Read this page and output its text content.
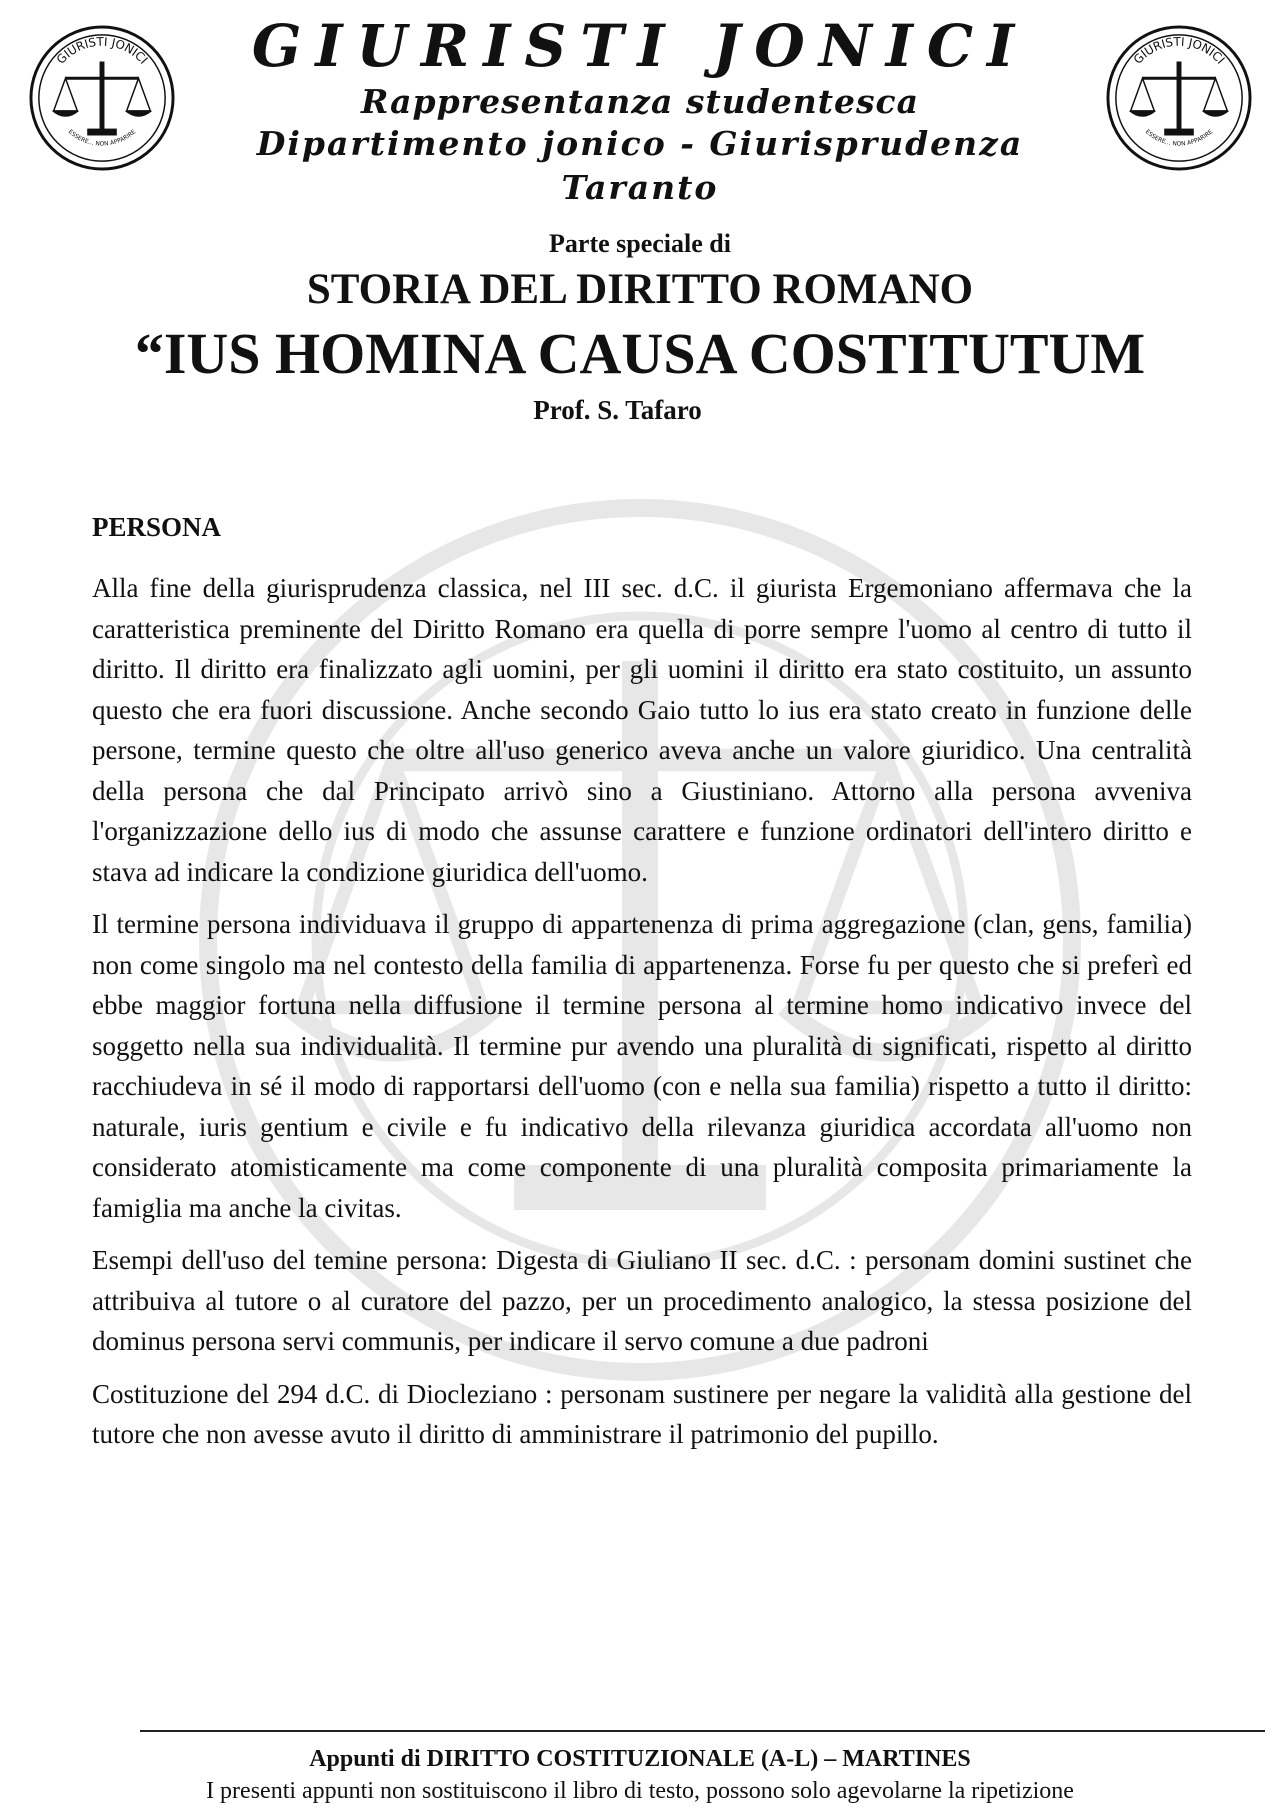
GIURISTI JONICI
ESSERE... NON APPARIRE
GIURISTI JONICI
Rappresentanza studentesca
Dipartimento jonico - Giurisprudenza Taranto
GIURISTI JONICI
ESSERE... NON APPARIRE
Parte speciale di
STORIA DEL DIRITTO ROMANO
“IUS HOMINA CAUSA COSTITUTUM
Prof. S. Tafaro
PERSONA

Alla fine della giurisprudenza classica, nel III sec. d.C. il giurista Ergemoniano affermava che la caratteristica preminente del Diritto Romano era quella di porre sempre l'uomo al centro di tutto il diritto. Il diritto era finalizzato agli uomini, per gli uomini il diritto era stato costituito, un assunto questo che era fuori discussione. Anche secondo Gaio tutto lo ius era stato creato in funzione delle persone, termine questo che oltre all'uso generico aveva anche un valore giuridico. Una centralità della persona che dal Principato arrivò sino a Giustiniano. Attorno alla persona avveniva l'organizzazione dello ius di modo che assunse carattere e funzione ordinatori dell'intero diritto e stava ad indicare la condizione giuridica dell'uomo.

Il termine persona individuava il gruppo di appartenenza di prima aggregazione (clan, gens, familia) non come singolo ma nel contesto della familia di appartenenza. Forse fu per questo che si preferì ed ebbe maggior fortuna nella diffusione il termine persona al termine homo indicativo invece del soggetto nella sua individualità. Il termine pur avendo una pluralità di significati, rispetto al diritto racchiudeva in sé il modo di rapportarsi dell'uomo (con e nella sua familia) rispetto a tutto il diritto: naturale, iuris gentium e civile e fu indicativo della rilevanza giuridica accordata all'uomo non considerato atomisticamente ma come componente di una pluralità composita primariamente la famiglia ma anche la civitas.

Esempi dell'uso del temine persona: Digesta di Giuliano II sec. d.C. : personam domini sustinet che attribuiva al tutore o al curatore del pazzo, per un procedimento analogico, la stessa posizione del dominus persona servi communis, per indicare il servo comune a due padroni

Costituzione del 294 d.C. di Diocleziano : personam sustinere per negare la validità alla gestione del tutore che non avesse avuto il diritto di amministrare il patrimonio del pupillo.

Appunti di DIRITTO COSTITUZIONALE (A-L) – MARTINES
I presenti appunti non sostituiscono il libro di testo, possono solo agevolarne la ripetizione
